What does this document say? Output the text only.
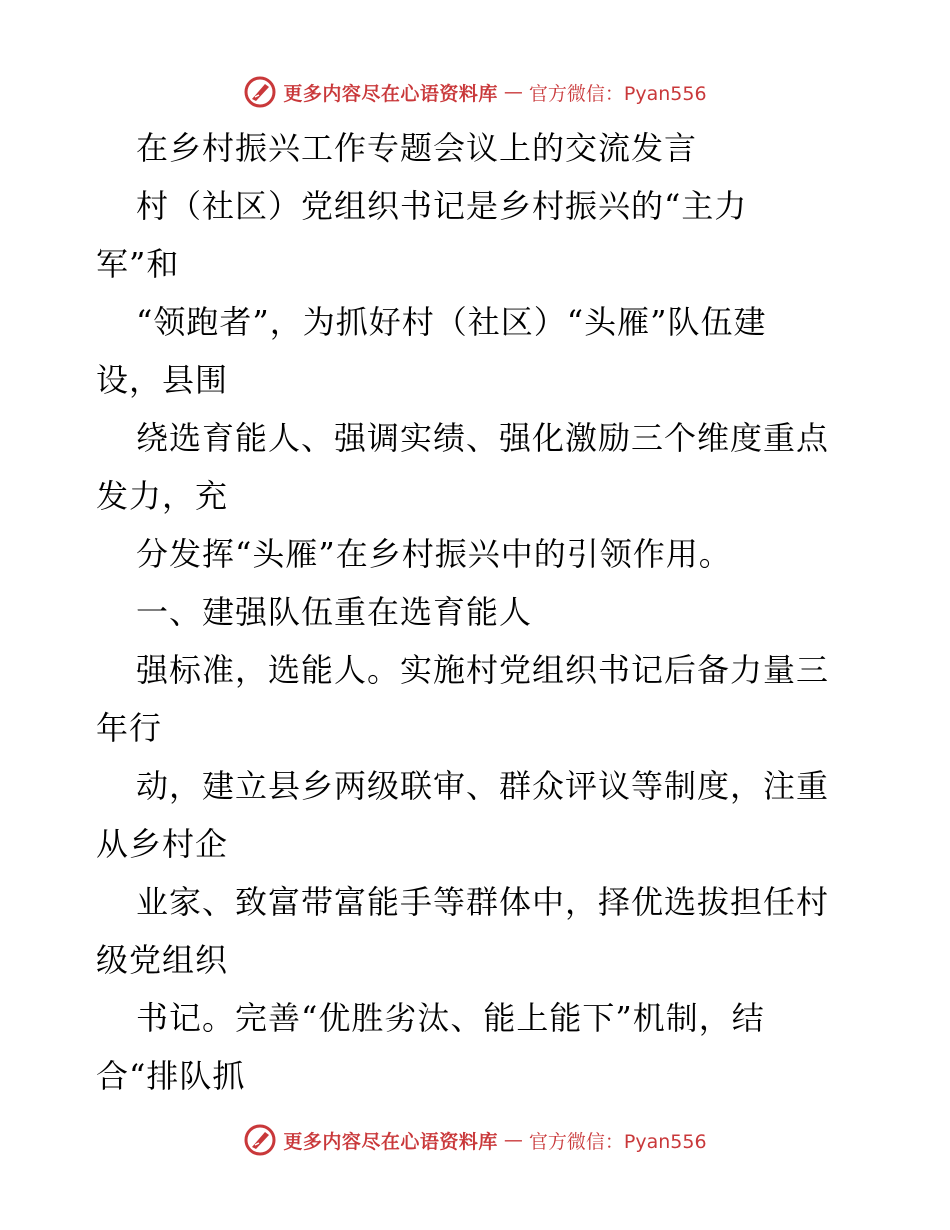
更多内容尽在心语资料库 — 官方微信：Pyan556
在乡村振兴工作专题会议上的交流发言
村（社区）党组织书记是乡村振兴的“主力
军”和
“领跑者”，为抓好村（社区）“头雁”队伍建
设，县围
绕选育能人、强调实绩、强化激励三个维度重点
发力，充
分发挥“头雁”在乡村振兴中的引领作用。
一、建强队伍重在选育能人
强标准，选能人。实施村党组织书记后备力量三
年行
动，建立县乡两级联审、群众评议等制度，注重
从乡村企
业家、致富带富能手等群体中，择优选拔担任村
级党组织
书记。完善“优胜劣汰、能上能下”机制，结
合“排队抓
更多内容尽在心语资料库 — 官方微信：Pyan556
